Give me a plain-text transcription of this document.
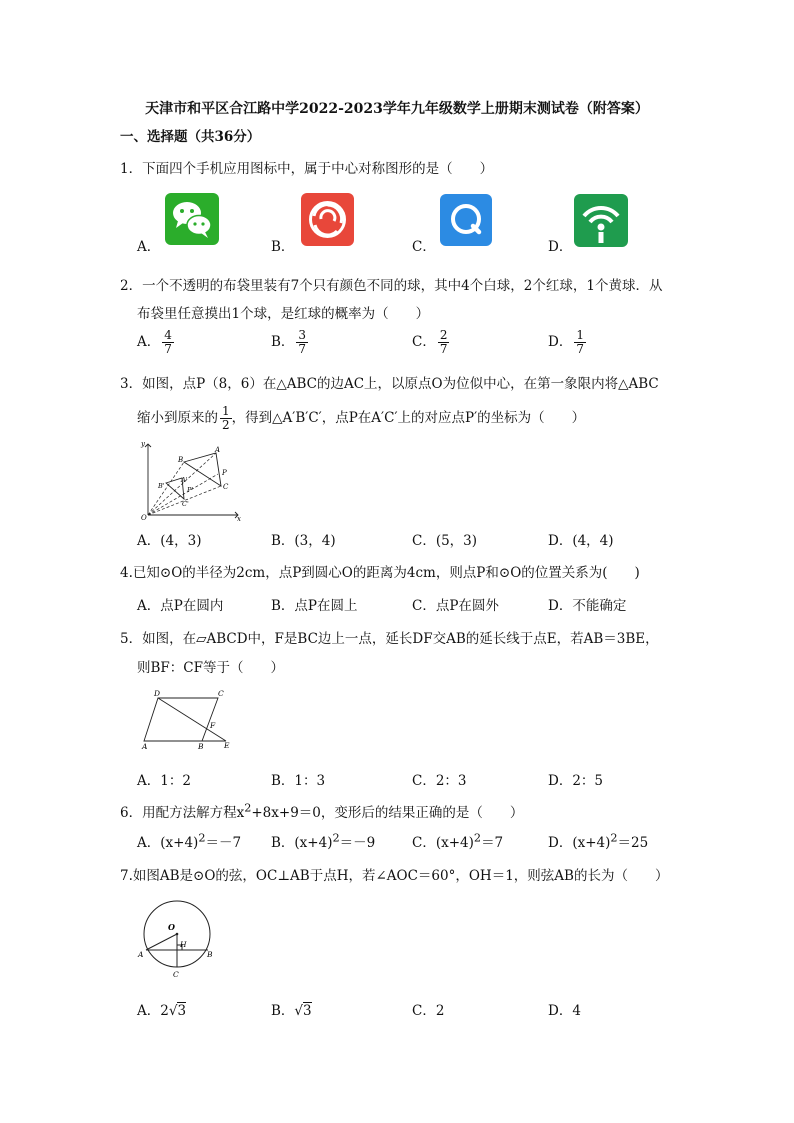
天津市和平区合江路中学2022-2023学年九年级数学上册期末测试卷（附答案）
一、选择题（共36分）
1．下面四个手机应用图标中，属于中心对称图形的是（　　）
A．	B．	C．	D．
2．一个不透明的布袋里装有7个只有颜色不同的球，其中4个白球，2个红球，1个黄球．从
布袋里任意摸出1个球，是红球的概率为（　　）
A． $\frac{4}{7}$	B． $\frac{3}{7}$	C． $\frac{2}{7}$	D． $\frac{1}{7}$
3．如图，点P（8，6）在△ABC的边AC上，以原点O为位似中心，在第一象限内将△ABC
缩小到原来的 $\frac{1}{2}$ ，得到△A′B′C′，点P在A′C′上的对应点P′的坐标为（　　）
y
x
O
B
A
P
C
A'
B'	P'
C'
A．(4，3)	B．(3，4)	C．(5，3)	D．(4，4)
4.已知⊙O的半径为2cm，点P到圆心O的距离为4cm，则点P和⊙O的位置关系为(　　)
A．点P在圆内	B．点P在圆上	C．点P在圆外	D．不能确定
5．如图，在▱ABCD中，F是BC边上一点，延长DF交AB的延长线于点E，若AB＝3BE，
则BF：CF等于（　　）
D	C
F
A	B	E
A．1：2	B．1：3	C．2：3	D．2：5
6．用配方法解方程$x^2+8x+9=0$，变形后的结果正确的是（　　）
A．$(x+4)^2=-7$ B．$(x+4)^2=-9$	C．$(x+4)^2=7$	D．$(x+4)^2=25$
7.如图AB是⊙O的弦，OC⊥AB于点H，若∠AOC＝60°，OH＝1，则弦AB的长为（　　）
O
H
A	B
C
A．2√3	B．√3	C．2	D．4
